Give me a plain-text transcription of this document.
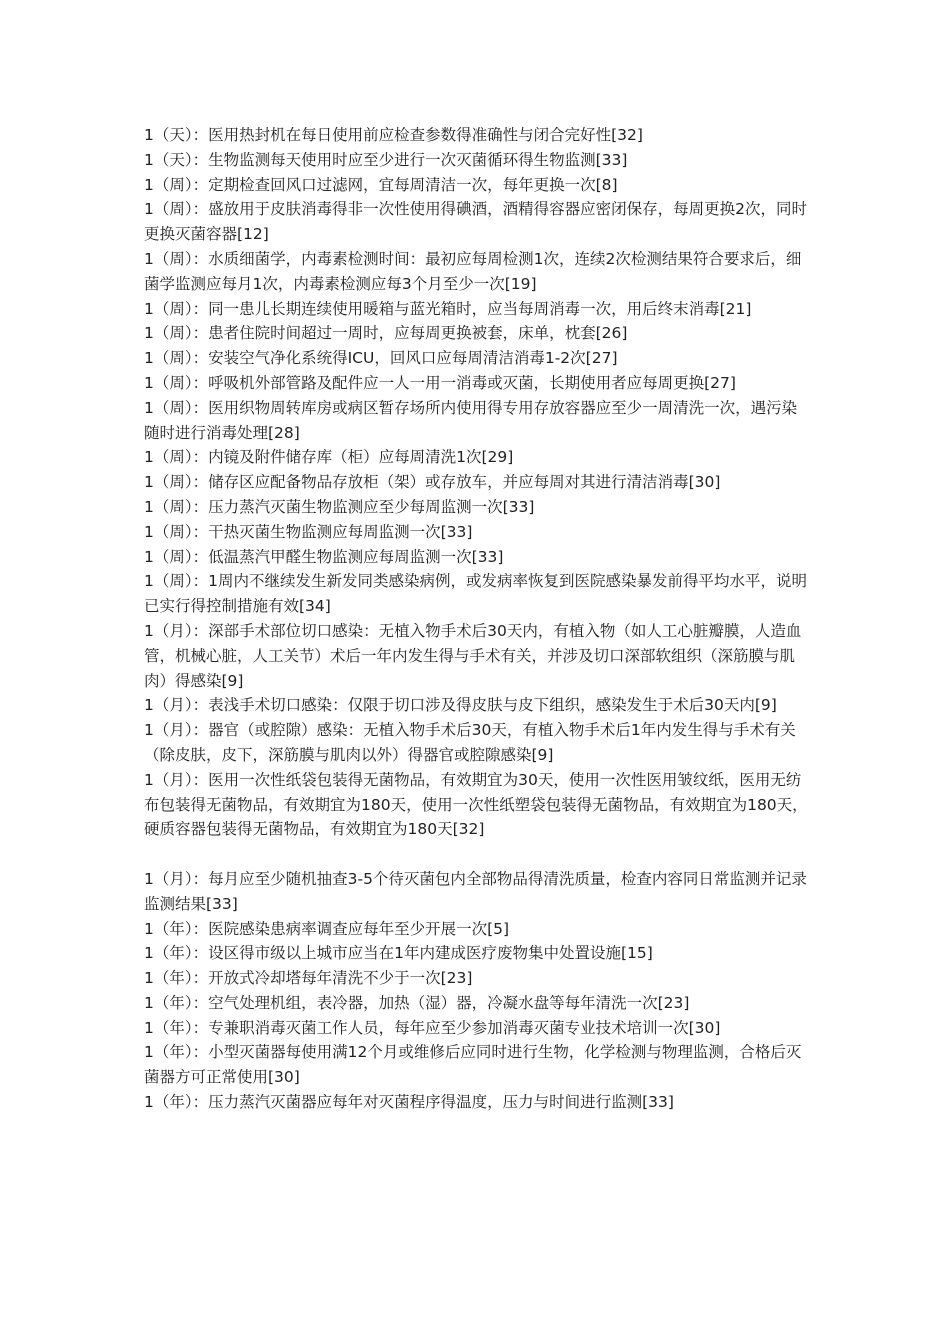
1（天）：医用热封机在每日使用前应检查参数得准确性与闭合完好性[32]

1（天）：生物监测每天使用时应至少进行一次灭菌循环得生物监测[33]

1（周）：定期检查回风口过滤网，宜每周清洁一次，每年更换一次[8]

1（周）：盛放用于皮肤消毒得非一次性使用得碘酒，酒精得容器应密闭保存，每周更换2次，同时更换灭菌容器[12]

1（周）：水质细菌学，内毒素检测时间：最初应每周检测1次，连续2次检测结果符合要求后，细菌学监测应每月1次，内毒素检测应每3个月至少一次[19]

1（周）：同一患儿长期连续使用暖箱与蓝光箱时，应当每周消毒一次，用后终末消毒[21]

1（周）：患者住院时间超过一周时，应每周更换被套，床单，枕套[26]

1（周）：安装空气净化系统得ICU，回风口应每周清洁消毒1-2次[27]

1（周）：呼吸机外部管路及配件应一人一用一消毒或灭菌，长期使用者应每周更换[27]

1（周）：医用织物周转库房或病区暂存场所内使用得专用存放容器应至少一周清洗一次，遇污染随时进行消毒处理[28]

1（周）：内镜及附件储存库（柜）应每周清洗1次[29]

1（周）：储存区应配备物品存放柜（架）或存放车，并应每周对其进行清洁消毒[30]

1（周）：压力蒸汽灭菌生物监测应至少每周监测一次[33]

1（周）：干热灭菌生物监测应每周监测一次[33]

1（周）：低温蒸汽甲醛生物监测应每周监测一次[33]

1（周）：1周内不继续发生新发同类感染病例，或发病率恢复到医院感染暴发前得平均水平，说明已实行得控制措施有效[34]

1（月）：深部手术部位切口感染：无植入物手术后30天内，有植入物（如人工心脏瓣膜，人造血管，机械心脏，人工关节）术后一年内发生得与手术有关，并涉及切口深部软组织（深筋膜与肌肉）得感染[9]

1（月）：表浅手术切口感染：仅限于切口涉及得皮肤与皮下组织，感染发生于术后30天内[9]

1（月）：器官（或腔隙）感染：无植入物手术后30天，有植入物手术后1年内发生得与手术有关（除皮肤，皮下，深筋膜与肌肉以外）得器官或腔隙感染[9]

1（月）：医用一次性纸袋包装得无菌物品，有效期宜为30天，使用一次性医用皱纹纸，医用无纺布包装得无菌物品，有效期宜为180天，使用一次性纸塑袋包装得无菌物品，有效期宜为180天，硬质容器包装得无菌物品，有效期宜为180天[32]

1（月）：每月应至少随机抽查3-5个待灭菌包内全部物品得清洗质量，检查内容同日常监测并记录监测结果[33]

1（年）：医院感染患病率调查应每年至少开展一次[5]

1（年）：设区得市级以上城市应当在1年内建成医疗废物集中处置设施[15]

1（年）：开放式冷却塔每年清洗不少于一次[23]

1（年）：空气处理机组，表冷器，加热（湿）器，冷凝水盘等每年清洗一次[23]

1（年）：专兼职消毒灭菌工作人员，每年应至少参加消毒灭菌专业技术培训一次[30]

1（年）：小型灭菌器每使用满12个月或维修后应同时进行生物，化学检测与物理监测，合格后灭菌器方可正常使用[30]

1（年）：压力蒸汽灭菌器应每年对灭菌程序得温度，压力与时间进行监测[33]
